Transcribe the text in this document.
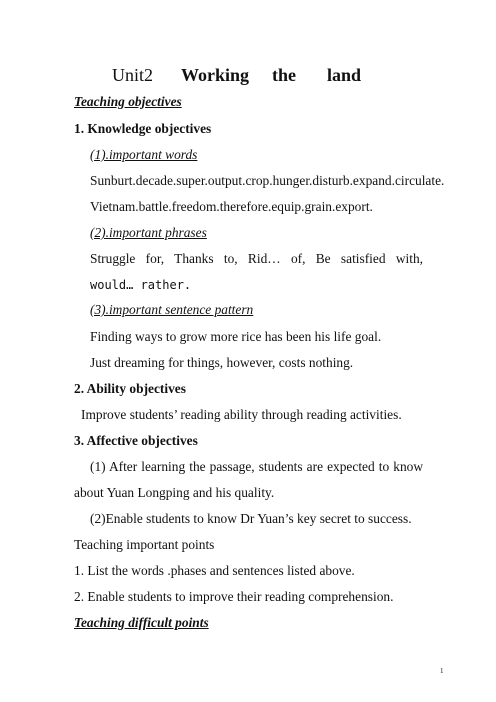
Unit2 Working the land
Teaching objectives
1. Knowledge objectives
(1).important words
Sunburt.decade.super.output.crop.hunger.disturb.expand.circulate.
Vietnam.battle.freedom.therefore.equip.grain.export.
(2).important phrases
Struggle for, Thanks to, Rid… of, Be satisfied with,
would… rather.
(3).important sentence pattern
Finding ways to grow more rice has been his life goal.
Just dreaming for things, however, costs nothing.
2. Ability objectives
Improve students’ reading ability through reading activities.
3. Affective objectives
(1) After learning the passage, students are expected to know
about Yuan Longping and his quality.
(2)Enable students to know Dr Yuan’s key secret to success.
Teaching important points
1. List the words .phases and sentences listed above.
2. Enable students to improve their reading comprehension.
Teaching difficult points
1
